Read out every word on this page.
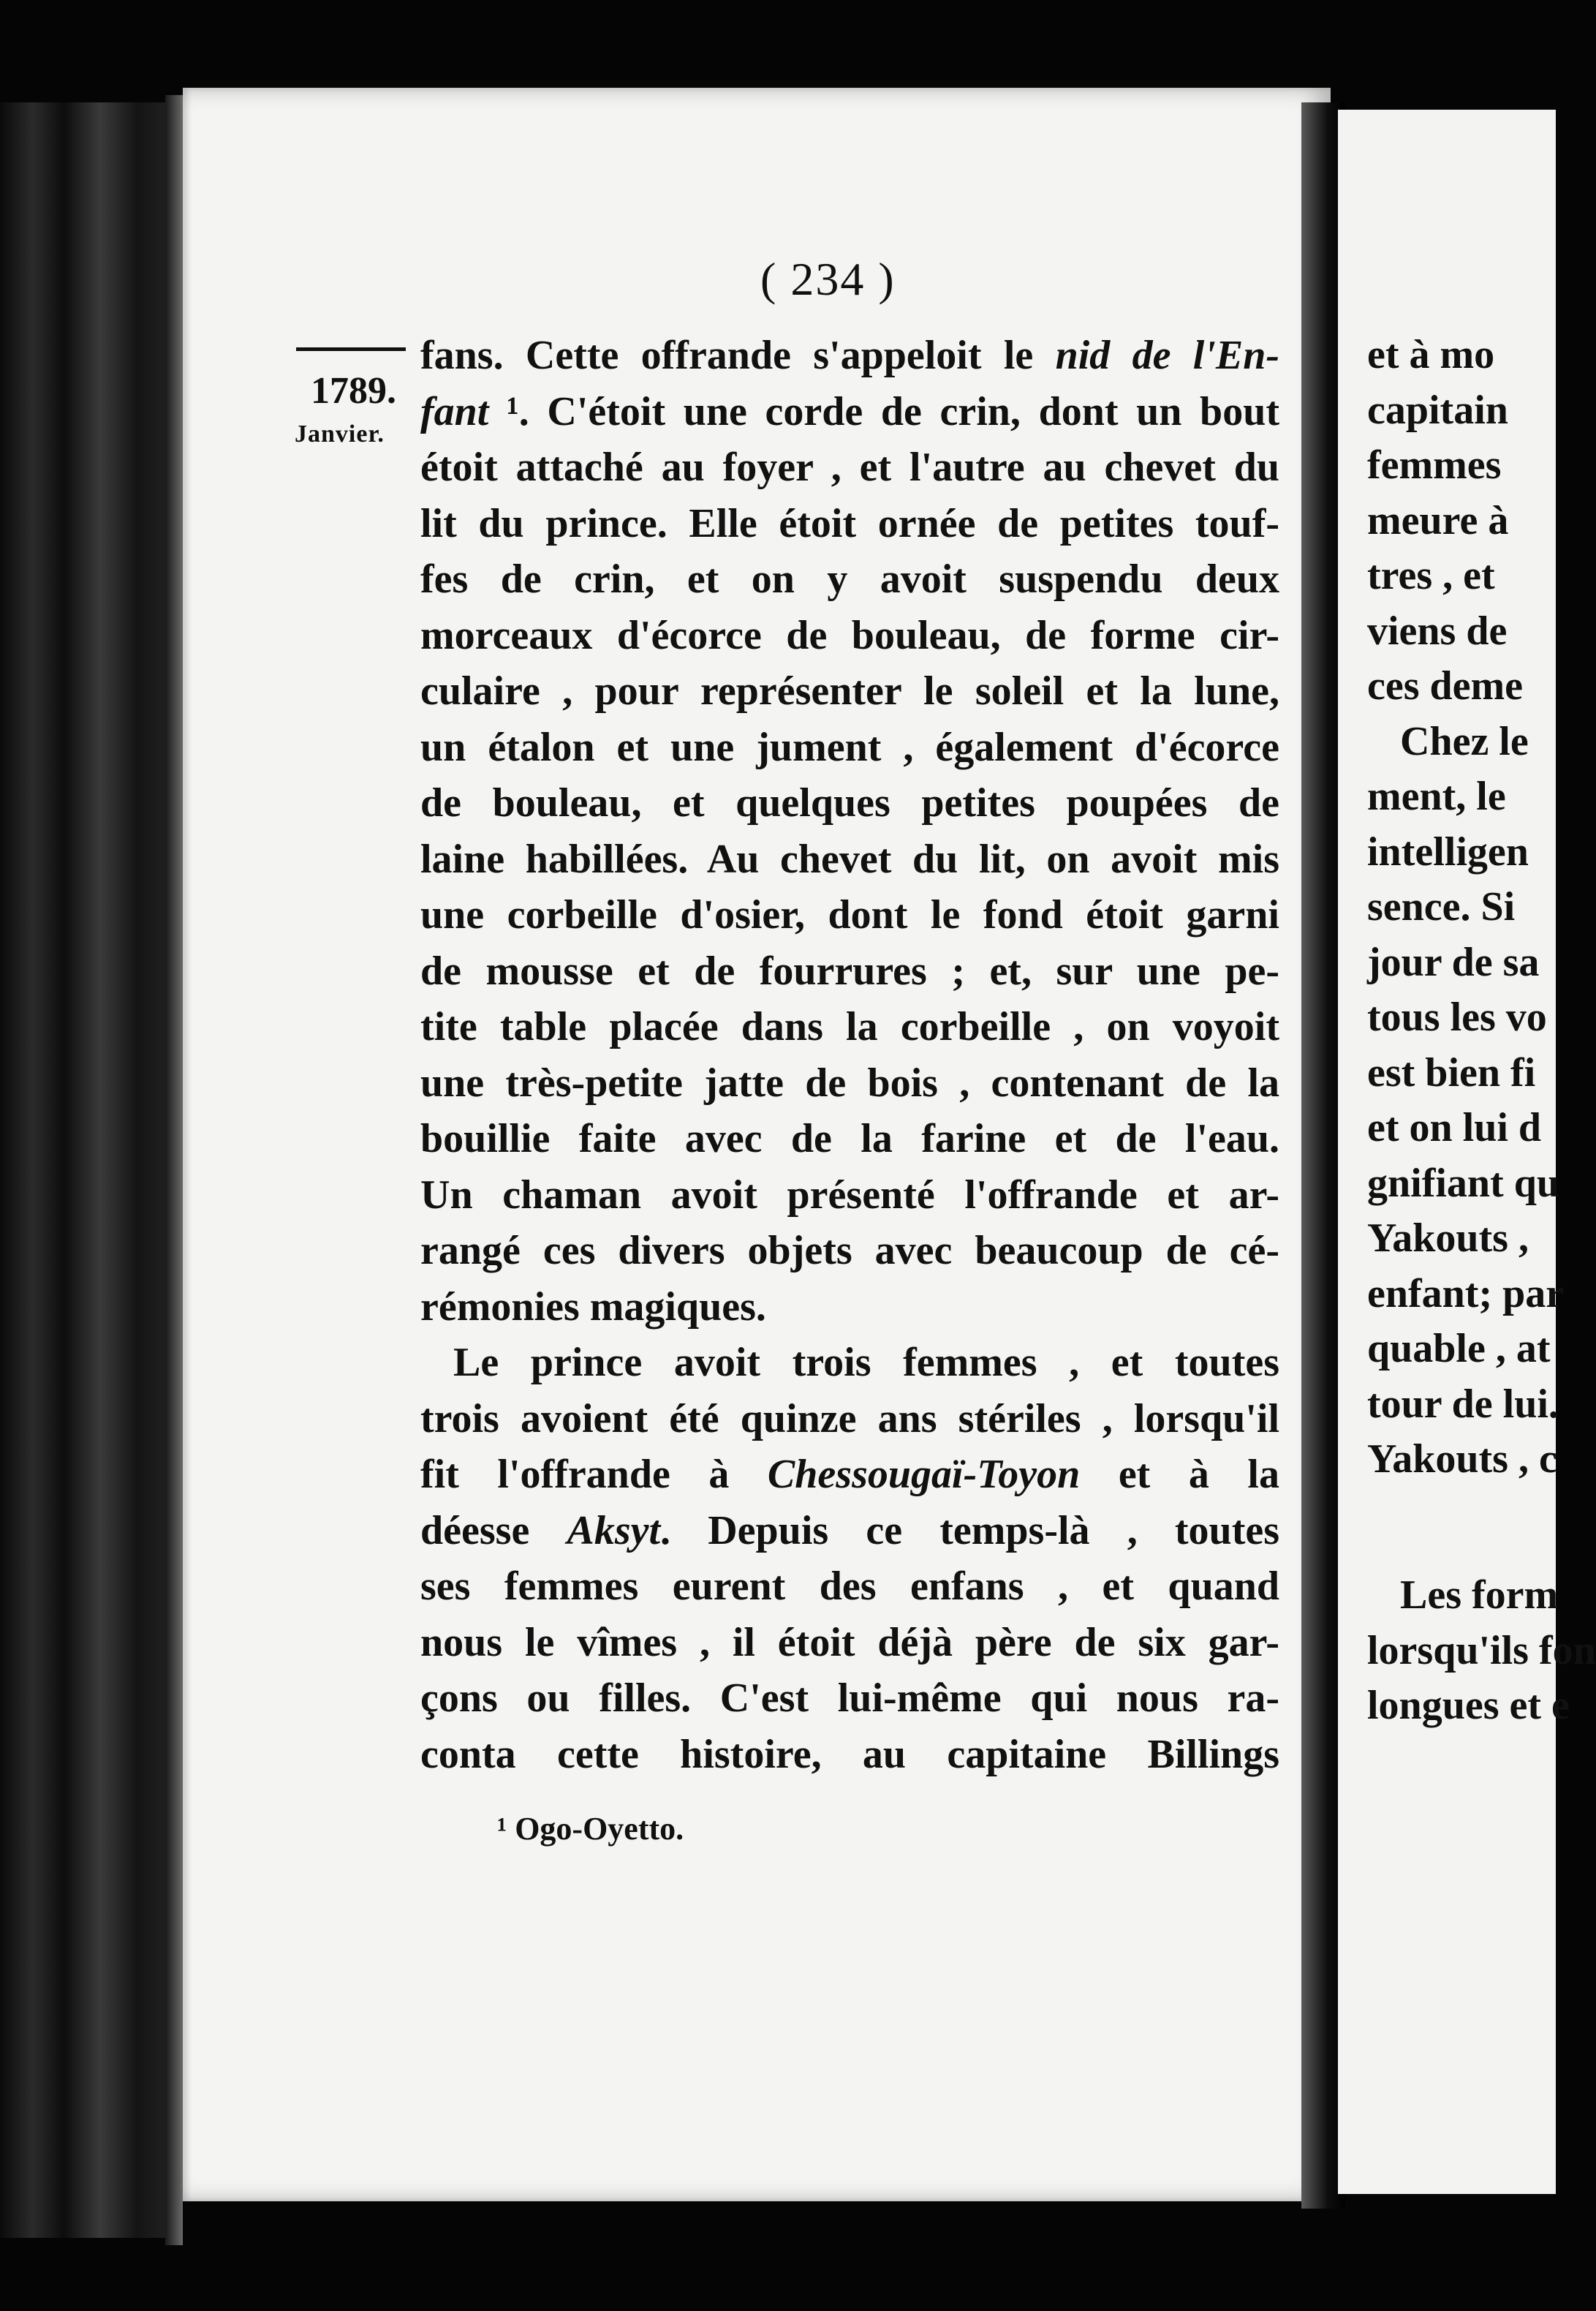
et à mo
capitain
femmes
meure à
tres , et
viens de
ces deme
Chez le
ment, le
intelligen
sence. Si
jour de sa
tous les vo
est bien fi
et on lui d
gnifiant qu
Yakouts ,
enfant; par
quable , at
tour de lui.
Yakouts , c
Les form
lorsqu'ils fon
longues et e
( 234 )
1789.
Janvier.
fans. Cette offrande s'appeloit le nid de l'En-
fant ¹. C'étoit une corde de crin, dont un bout
étoit attaché au foyer , et l'autre au chevet du
lit du prince. Elle étoit ornée de petites touf-
fes de crin, et on y avoit suspendu deux
morceaux d'écorce de bouleau, de forme cir-
culaire , pour représenter le soleil et la lune,
un étalon et une jument , également d'écorce
de bouleau, et quelques petites poupées de
laine habillées. Au chevet du lit, on avoit mis
une corbeille d'osier, dont le fond étoit garni
de mousse et de fourrures ; et, sur une pe-
tite table placée dans la corbeille , on voyoit
une très-petite jatte de bois , contenant de la
bouillie faite avec de la farine et de l'eau.
Un chaman avoit présenté l'offrande et ar-
rangé ces divers objets avec beaucoup de cé-
rémonies magiques.
Le prince avoit trois femmes , et toutes
trois avoient été quinze ans stériles , lorsqu'il
fit l'offrande à Chessougaï-Toyon et à la
déesse Aksyt. Depuis ce temps-là , toutes
ses femmes eurent des enfans , et quand
nous le vîmes , il étoit déjà père de six gar-
çons ou filles. C'est lui-même qui nous ra-
conta cette histoire, au capitaine Billings
¹ Ogo-Oyetto.
